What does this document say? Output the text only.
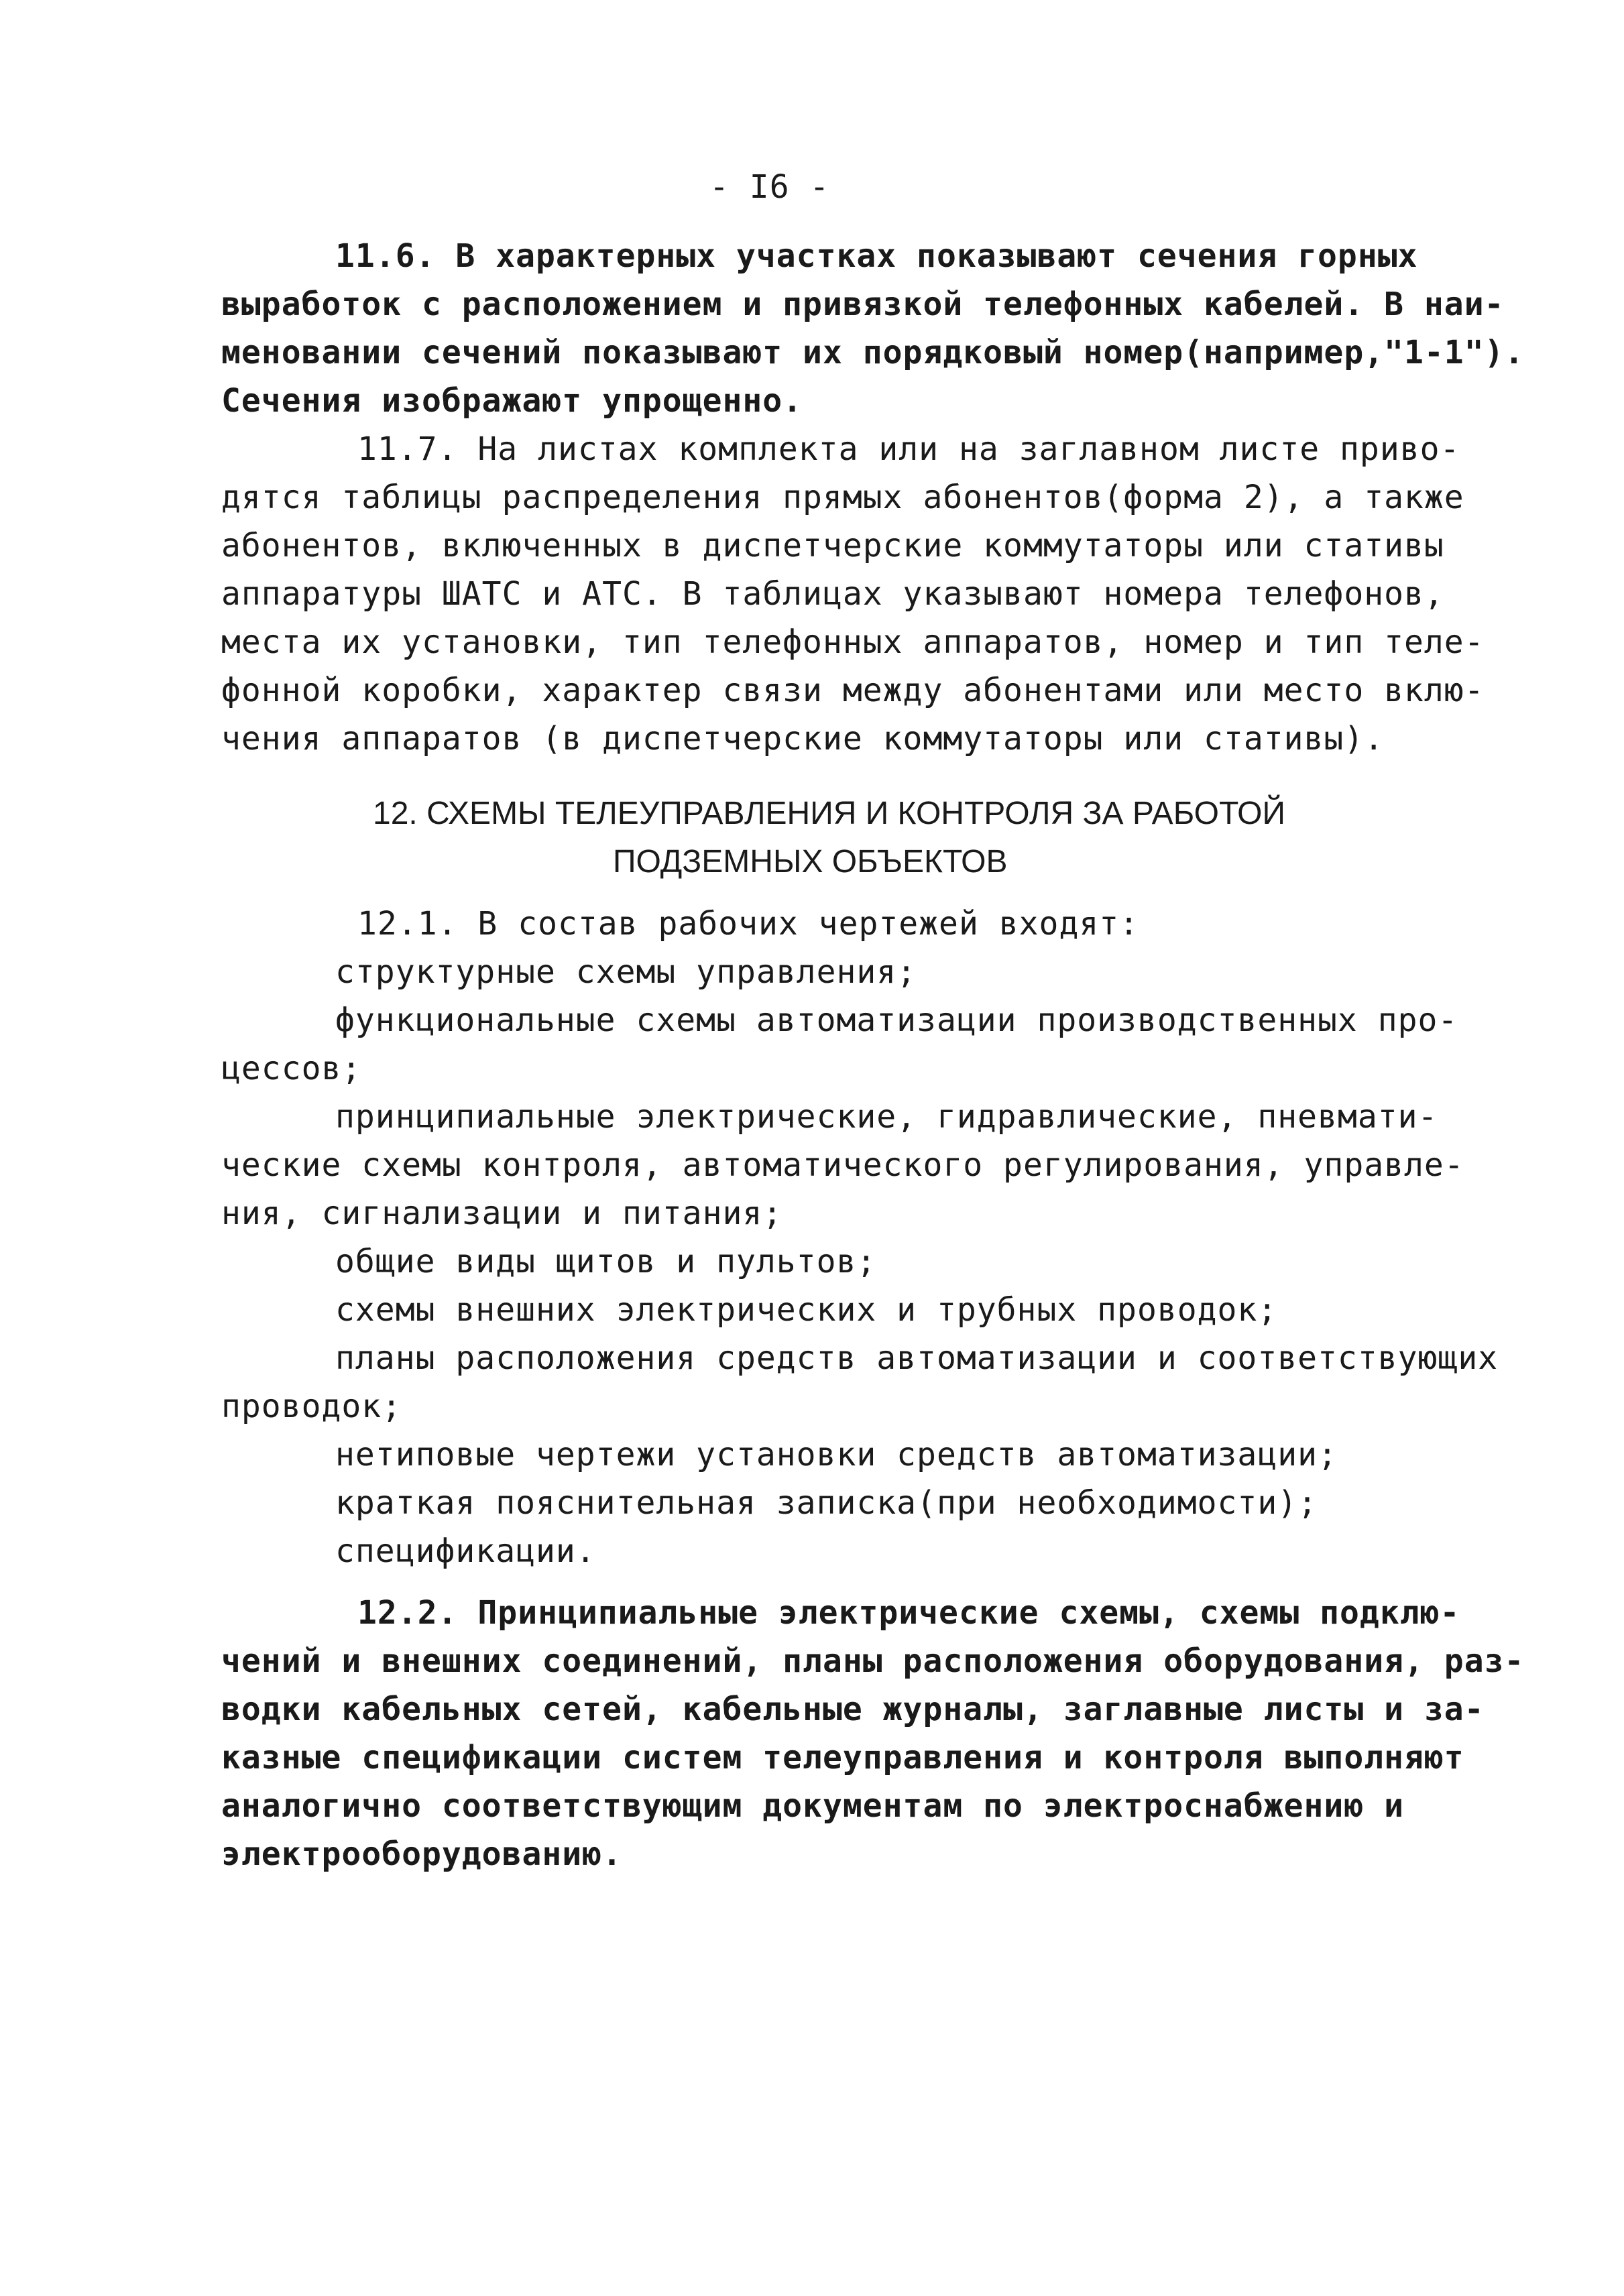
- I6 -
11.6. В характерных участках показывают сечения горных
выработок с расположением и привязкой телефонных кабелей. В наи-
меновании сечений показывают их порядковый номер(например,"1-1").
Сечения изображают упрощенно.
11.7. На листах комплекта или на заглавном листе приво-
дятся таблицы распределения прямых абонентов(форма 2), а также
абонентов, включенных в диспетчерские коммутаторы или стативы
аппаратуры ШАТС и АТС. В таблицах указывают номера телефонов,
места их установки, тип телефонных аппаратов, номер и тип теле-
фонной коробки, характер связи между абонентами или место вклю-
чения аппаратов (в диспетчерские коммутаторы или стативы).
12. СХЕМЫ ТЕЛЕУПРАВЛЕНИЯ И КОНТРОЛЯ ЗА РАБОТОЙ
ПОДЗЕМНЫХ ОБЪЕКТОВ
12.1. В состав рабочих чертежей входят:
структурные схемы управления;
функциональные схемы автоматизации производственных про-
цессов;
принципиальные электрические, гидравлические, пневмати-
ческие схемы контроля, автоматического регулирования, управле-
ния, сигнализации и питания;
общие виды щитов и пультов;
схемы внешних электрических и трубных проводок;
планы расположения средств автоматизации и соответствующих
проводок;
нетиповые чертежи установки средств автоматизации;
краткая пояснительная записка(при необходимости);
спецификации.
12.2. Принципиальные электрические схемы, схемы подклю-
чений и внешних соединений, планы расположения оборудования, раз-
водки кабельных сетей, кабельные журналы, заглавные листы и за-
казные спецификации систем телеуправления и контроля выполняют
аналогично соответствующим документам по электроснабжению и
электрооборудованию.
